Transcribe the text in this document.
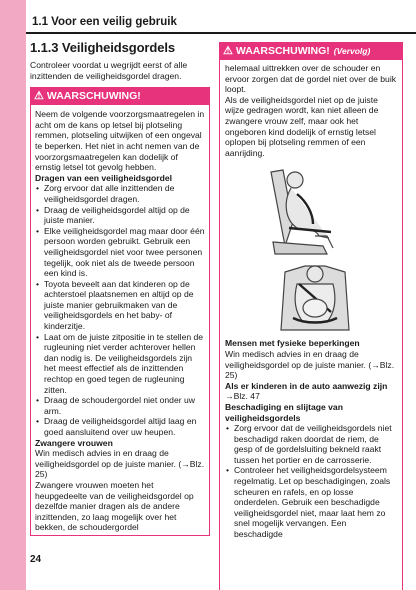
1.1 Voor een veilig gebruik
1.1.3 Veiligheidsgordels

Controleer voordat u wegrijdt eerst of alle inzittenden de veiligheidsgordel dragen.

⚠ WAARSCHUWING!

Neem de volgende voorzorgsmaatregelen in acht om de kans op letsel bij plotseling remmen, plotseling uitwijken of een ongeval te beperken. Het niet in acht nemen van de voorzorgsmaatregelen kan dodelijk of ernstig letsel tot gevolg hebben.

Dragen van een veiligheidsgordel
• Zorg ervoor dat alle inzittenden de veiligheidsgordel dragen.
• Draag de veiligheidsgordel altijd op de juiste manier.
• Elke veiligheidsgordel mag maar door één persoon worden gebruikt. Gebruik een veiligheidsgordel niet voor twee personen tegelijk, ook niet als de tweede persoon een kind is.
• Toyota beveelt aan dat kinderen op de achterstoel plaatsnemen en altijd op de juiste manier gebruikmaken van de veiligheidsgordels en het baby- of kinderzitje.
• Laat om de juiste zitpositie in te stellen de rugleuning niet verder achterover hellen dan nodig is. De veiligheidsgordels zijn het meest effectief als de inzittenden rechtop en goed tegen de rugleuning zitten.
• Draag de schoudergordel niet onder uw arm.
• Draag de veiligheidsgordel altijd laag en goed aansluitend over uw heupen.
Zwangere vrouwen

Win medisch advies in en draag de veiligheidsgordel op de juiste manier. (→Blz. 25)

Zwangere vrouwen moeten het heupgedeelte van de veiligheidsgordel op dezelfde manier dragen als de andere inzittenden, zo laag mogelijk over het bekken, de schoudergordel

⚠ WAARSCHUWING! (Vervolg)

helemaal uittrekken over de schouder en ervoor zorgen dat de gordel niet over de buik loopt.

Als de veiligheidsgordel niet op de juiste wijze gedragen wordt, kan niet alleen de zwangere vrouw zelf, maar ook het ongeboren kind dodelijk of ernstig letsel oplopen bij plotseling remmen of een aanrijding.

Mensen met fysieke beperkingen

Win medisch advies in en draag de veiligheidsgordel op de juiste manier. (→Blz. 25)

Als er kinderen in de auto aanwezig zijn

→Blz. 47

Beschadiging en slijtage van veiligheidsgordels
• Zorg ervoor dat de veiligheidsgordels niet beschadigd raken doordat de riem, de gesp of de gordelsluiting bekneld raakt tussen het portier en de carrosserie.
• Controleer het veiligheidsgordelsysteem regelmatig. Let op beschadigingen, zoals scheuren en rafels, en op losse onderdelen. Gebruik een beschadigde veiligheidsgordel niet, maar laat hem zo snel mogelijk vervangen. Een beschadigde
24
